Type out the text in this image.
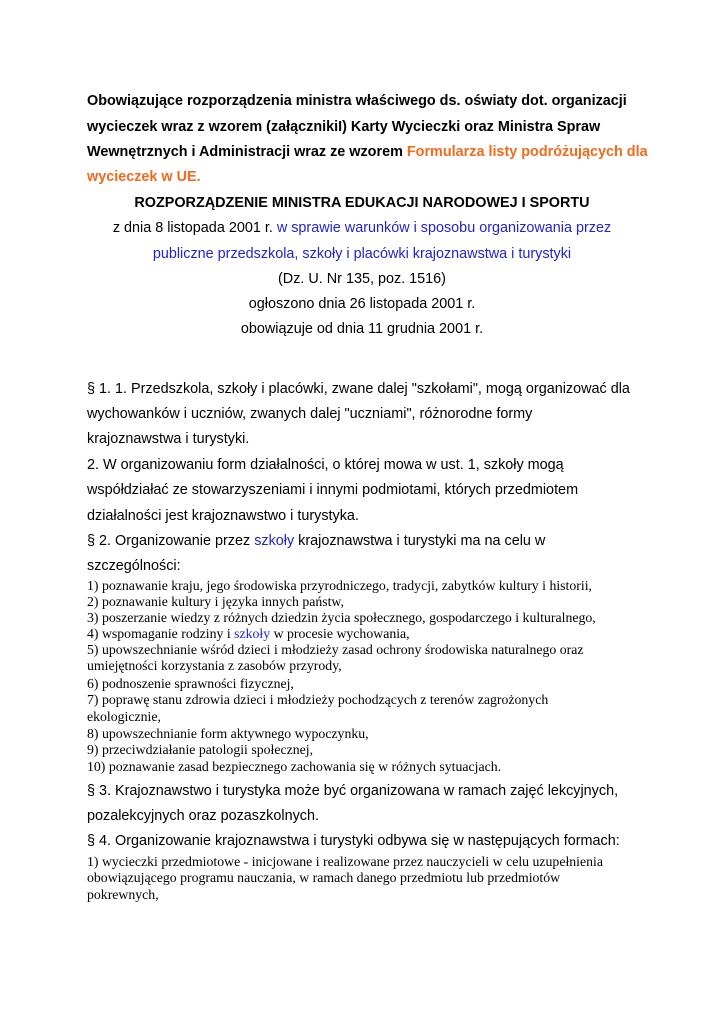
Obowiązujące rozporządzenia ministra właściwego ds. oświaty dot. organizacji
wycieczek wraz z wzorem (załącznikiI) Karty Wycieczki oraz Ministra Spraw
Wewnętrznych i Administracji wraz ze wzorem Formularza listy podróżujących dla
wycieczek w UE.
ROZPORZĄDZENIE MINISTRA EDUKACJI NARODOWEJ I SPORTU
z dnia 8 listopada 2001 r. w sprawie warunków i sposobu organizowania przez
publiczne przedszkola, szkoły i placówki krajoznawstwa i turystyki
(Dz. U. Nr 135, poz. 1516)
ogłoszono dnia 26 listopada 2001 r.
obowiązuje od dnia 11 grudnia 2001 r.
§ 1. 1. Przedszkola, szkoły i placówki, zwane dalej "szkołami", mogą organizować dla
wychowanków i uczniów, zwanych dalej "uczniami", różnorodne formy
krajoznawstwa i turystyki.
2. W organizowaniu form działalności, o której mowa w ust. 1, szkoły mogą
współdziałać ze stowarzyszeniami i innymi podmiotami, których przedmiotem
działalności jest krajoznawstwo i turystyka.
§ 2. Organizowanie przez szkoły krajoznawstwa i turystyki ma na celu w
szczególności:
1) poznawanie kraju, jego środowiska przyrodniczego, tradycji, zabytków kultury i historii,
2) poznawanie kultury i języka innych państw,
3) poszerzanie wiedzy z różnych dziedzin życia społecznego, gospodarczego i kulturalnego,
4) wspomaganie rodziny i szkoły w procesie wychowania,
5) upowszechnianie wśród dzieci i młodzieży zasad ochrony środowiska naturalnego oraz
umiejętności korzystania z zasobów przyrody,
6) podnoszenie sprawności fizycznej,
7) poprawę stanu zdrowia dzieci i młodzieży pochodzących z terenów zagrożonych
ekologicznie,
8) upowszechnianie form aktywnego wypoczynku,
9) przeciwdziałanie patologii społecznej,
10) poznawanie zasad bezpiecznego zachowania się w różnych sytuacjach.
§ 3. Krajoznawstwo i turystyka może być organizowana w ramach zajęć lekcyjnych,
pozalekcyjnych oraz pozaszkolnych.
§ 4. Organizowanie krajoznawstwa i turystyki odbywa się w następujących formach:
1) wycieczki przedmiotowe - inicjowane i realizowane przez nauczycieli w celu uzupełnienia
obowiązującego programu nauczania, w ramach danego przedmiotu lub przedmiotów
pokrewnych,
